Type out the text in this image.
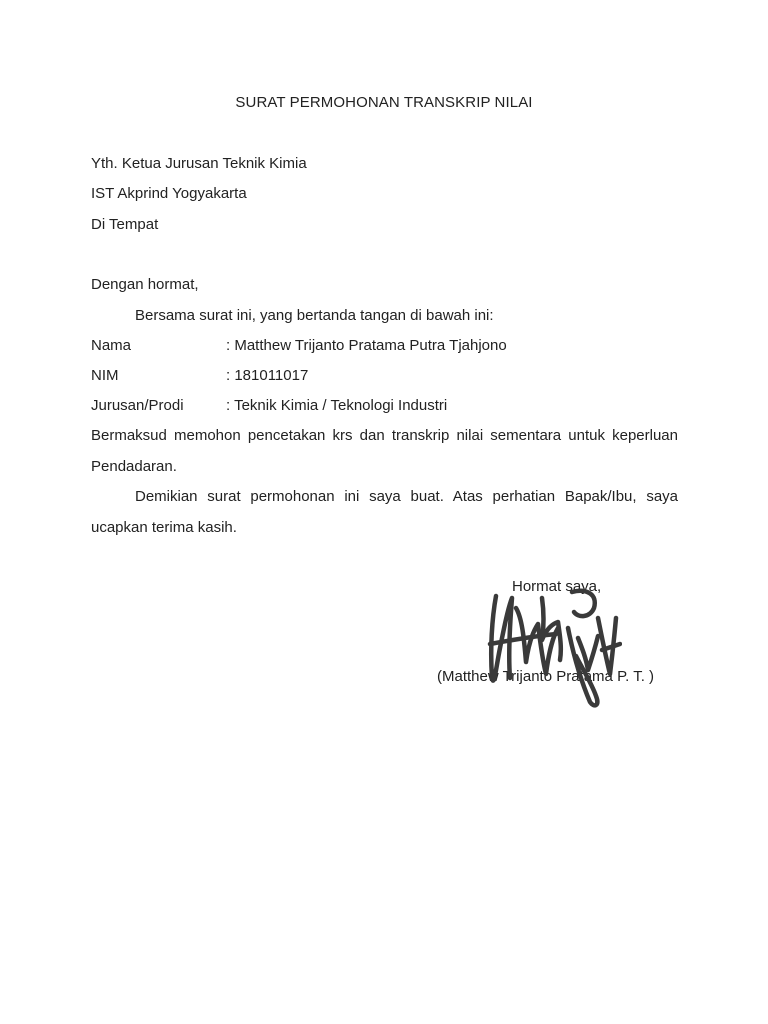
SURAT PERMOHONAN TRANSKRIP NILAI
Yth. Ketua Jurusan Teknik Kimia
IST Akprind Yogyakarta
Di Tempat
Dengan hormat,
Bersama surat ini, yang bertanda tangan di bawah ini:
Nama	: Matthew Trijanto Pratama Putra Tjahjono
NIM	: 181011017
Jurusan/Prodi	: Teknik Kimia / Teknologi Industri
Bermaksud memohon pencetakan krs dan transkrip nilai sementara untuk keperluan
Pendadaran.
Demikian surat permohonan ini saya buat. Atas perhatian Bapak/Ibu, saya
ucapkan terima kasih.
Hormat saya,
(Matthew Trijanto Pratama P. T. )
